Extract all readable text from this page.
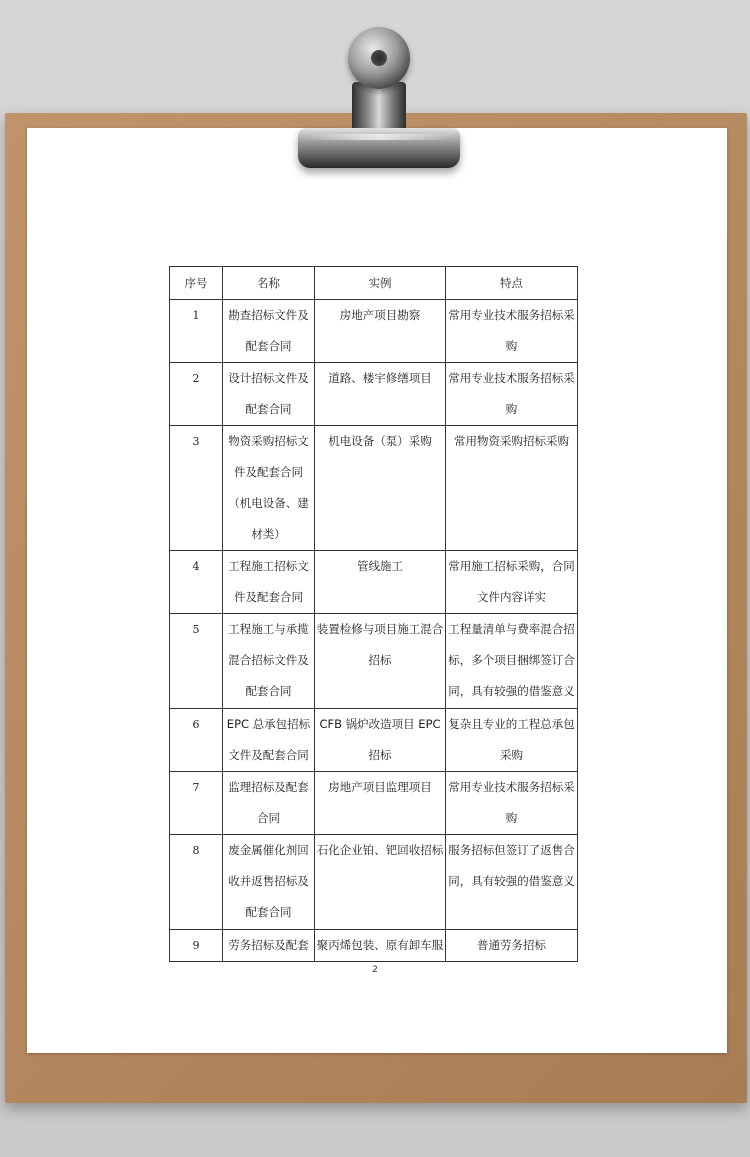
序号	名称	实例	特点
1	勘查招标文件及配套合同	房地产项目勘察	常用专业技术服务招标采购
2	设计招标文件及配套合同	道路、楼宇修缮项目	常用专业技术服务招标采购
3	物资采购招标文件及配套合同（机电设备、建材类）	机电设备（泵）采购	常用物资采购招标采购
4	工程施工招标文件及配套合同	管线施工	常用施工招标采购，合同文件内容详实
5	工程施工与承揽混合招标文件及配套合同	装置检修与项目施工混合招标	工程量清单与费率混合招标，多个项目捆绑签订合同，具有较强的借鉴意义
6	EPC 总承包招标文件及配套合同	CFB 锅炉改造项目 EPC 招标	复杂且专业的工程总承包采购
7	监理招标及配套合同	房地产项目监理项目	常用专业技术服务招标采购
8	废金属催化剂回收并返售招标及配套合同	石化企业铂、钯回收招标	服务招标但签订了返售合同，具有较强的借鉴意义
9	劳务招标及配套	聚丙烯包装、原有卸车服	普通劳务招标
2
